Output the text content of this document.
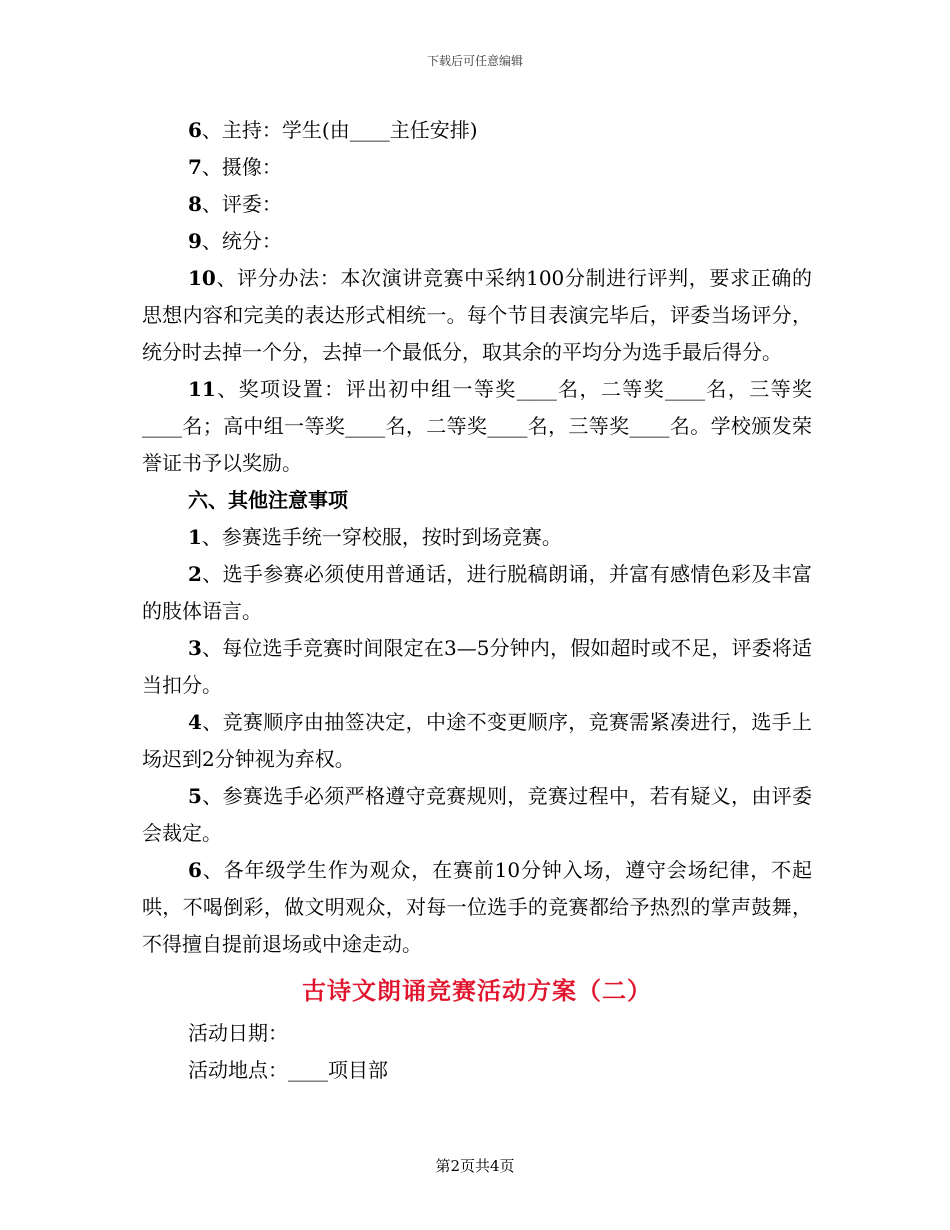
下载后可任意编辑

6、主持：学生(由____主任安排)

7、摄像：

8、评委：

9、统分：

10、评分办法：本次演讲竞赛中采纳100分制进行评判，要求正确的思想内容和完美的表达形式相统一。每个节目表演完毕后，评委当场评分，统分时去掉一个分，去掉一个最低分，取其余的平均分为选手最后得分。

11、奖项设置：评出初中组一等奖____名，二等奖____名，三等奖____名；高中组一等奖____名，二等奖____名，三等奖____名。学校颁发荣誉证书予以奖励。

六、其他注意事项

1、参赛选手统一穿校服，按时到场竞赛。

2、选手参赛必须使用普通话，进行脱稿朗诵，并富有感情色彩及丰富的肢体语言。

3、每位选手竞赛时间限定在3—5分钟内，假如超时或不足，评委将适当扣分。

4、竞赛顺序由抽签决定，中途不变更顺序，竞赛需紧凑进行，选手上场迟到2分钟视为弃权。

5、参赛选手必须严格遵守竞赛规则，竞赛过程中，若有疑义，由评委会裁定。

6、各年级学生作为观众，在赛前10分钟入场，遵守会场纪律，不起哄，不喝倒彩，做文明观众，对每一位选手的竞赛都给予热烈的掌声鼓舞，不得擅自提前退场或中途走动。

古诗文朗诵竞赛活动方案（二）

活动日期：

活动地点：____项目部

第2页共4页
